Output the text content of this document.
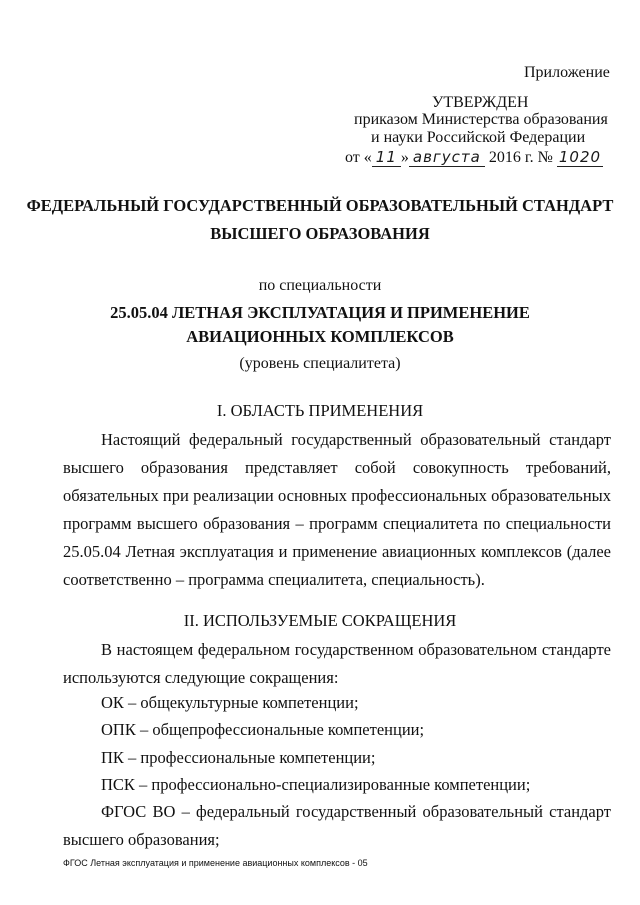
Приложение
УТВЕРЖДЕН
приказом Министерства образования
и науки Российской Федерации
от « 11 » августа 2016 г. № 1020
ФЕДЕРАЛЬНЫЙ ГОСУДАРСТВЕННЫЙ ОБРАЗОВАТЕЛЬНЫЙ СТАНДАРТ
ВЫСШЕГО ОБРАЗОВАНИЯ
по специальности
25.05.04 ЛЕТНАЯ ЭКСПЛУАТАЦИЯ И ПРИМЕНЕНИЕ
АВИАЦИОННЫХ КОМПЛЕКСОВ
(уровень специалитета)
I. ОБЛАСТЬ ПРИМЕНЕНИЯ
Настоящий федеральный государственный образовательный стандарт высшего образования представляет собой совокупность требований, обязательных при реализации основных профессиональных образовательных программ высшего образования – программ специалитета по специальности 25.05.04 Летная эксплуатация и применение авиационных комплексов (далее соответственно – программа специалитета, специальность).
II. ИСПОЛЬЗУЕМЫЕ СОКРАЩЕНИЯ
В настоящем федеральном государственном образовательном стандарте используются следующие сокращения:
ОК – общекультурные компетенции;
ОПК – общепрофессиональные компетенции;
ПК – профессиональные компетенции;
ПСК – профессионально-специализированные компетенции;
ФГОС ВО – федеральный государственный образовательный стандарт высшего образования;
ФГОС Летная эксплуатация и применение авиационных комплексов - 05
